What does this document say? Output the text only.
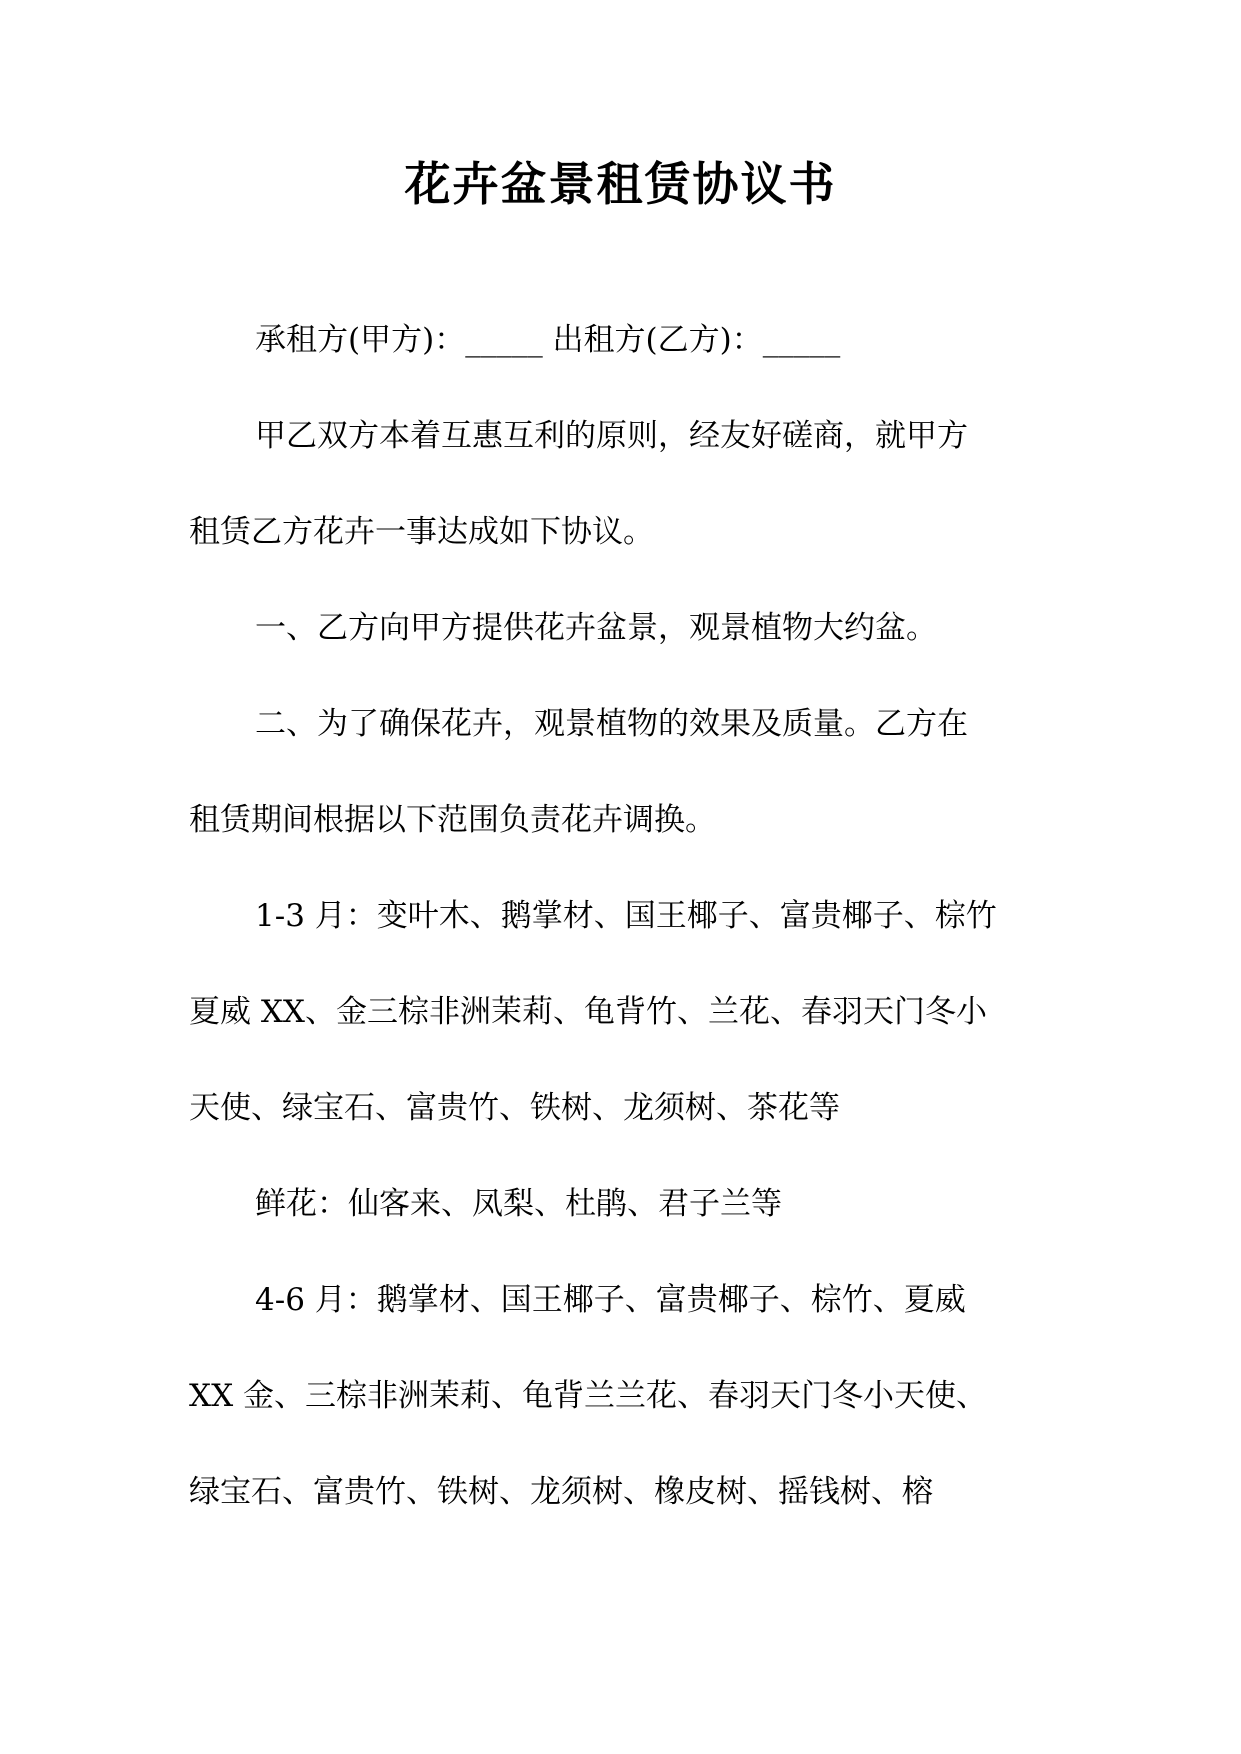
花卉盆景租赁协议书
承租方(甲方)：_____ 出租方(乙方)：_____
甲乙双方本着互惠互利的原则，经友好磋商，就甲方
租赁乙方花卉一事达成如下协议。
一、乙方向甲方提供花卉盆景，观景植物大约盆。
二、为了确保花卉，观景植物的效果及质量。乙方在
租赁期间根据以下范围负责花卉调换。
1-3 月：变叶木、鹅掌材、国王椰子、富贵椰子、棕竹
夏威 XX、金三棕非洲茉莉、龟背竹、兰花、春羽天门冬小
天使、绿宝石、富贵竹、铁树、龙须树、茶花等
鲜花：仙客来、凤梨、杜鹃、君子兰等
4-6 月：鹅掌材、国王椰子、富贵椰子、棕竹、夏威
XX 金、三棕非洲茉莉、龟背兰兰花、春羽天门冬小天使、
绿宝石、富贵竹、铁树、龙须树、橡皮树、摇钱树、榕
